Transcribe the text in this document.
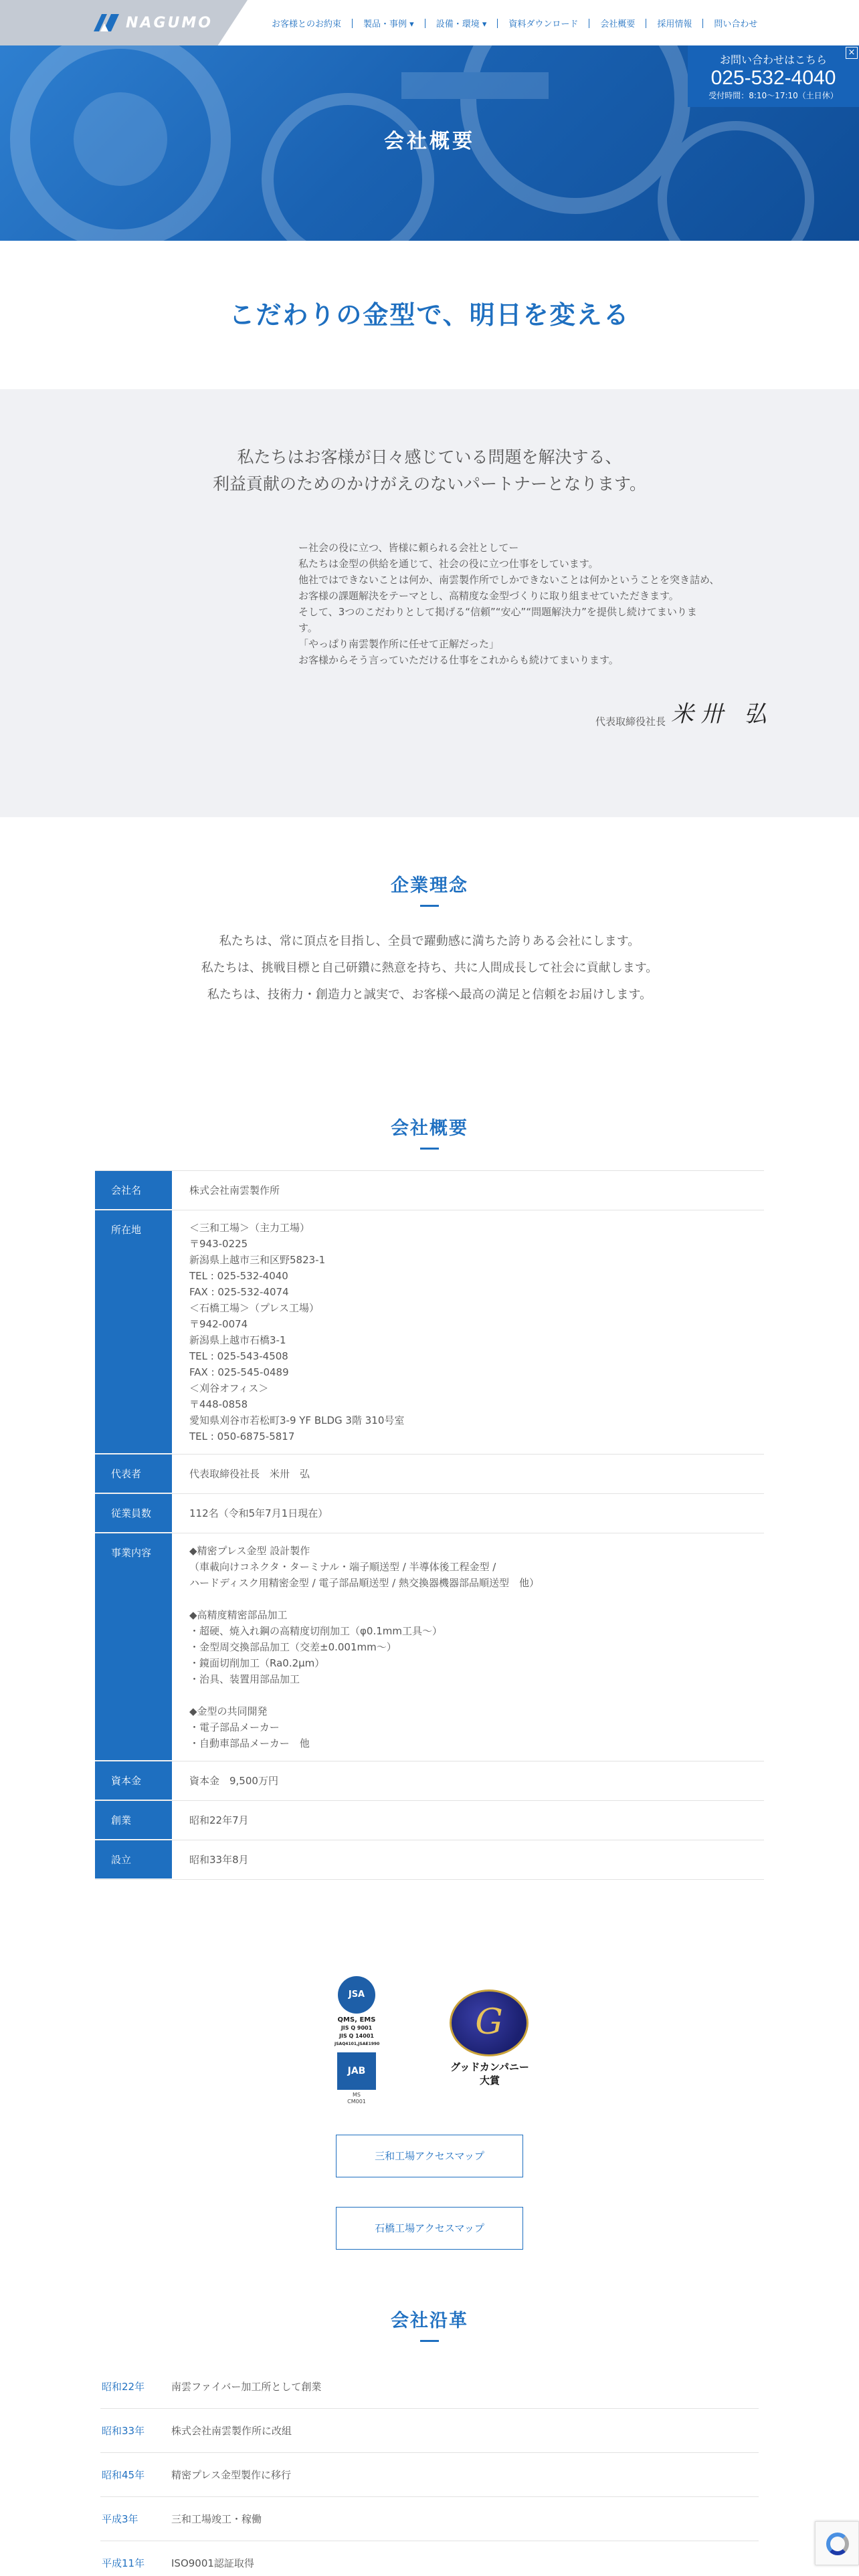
NAGUMO	お客様とのお約束	製品・事例 ▾	設備・環境 ▾	資料ダウンロード	会社概要	採用情報	問い合わせ
お問い合わせはこちら
025-532-4040
受付時間：8:10〜17:10（土日休）
×
会社概要
こだわりの金型で、明日を変える
私たちはお客様が日々感じている問題を解決する、
利益貢献のためのかけがえのないパートナーとなります。

ー社会の役に立つ、皆様に頼られる会社としてー

私たちは金型の供給を通じて、社会の役に立つ仕事をしています。

他社ではできないことは何か、南雲製作所でしかできないことは何かということを突き詰め、

お客様の課題解決をテーマとし、高精度な金型づくりに取り組ませていただきます。

そして、3つのこだわりとして掲げる“信頼”“安心”“問題解決力”を提供し続けてまいりま

す。

「やっぱり南雲製作所に任せて正解だった」

お客様からそう言っていただける仕事をこれからも続けてまいります。

代表取締役社長 米卅 弘
企業理念
私たちは、常に頂点を目指し、全員で躍動感に満ちた誇りある会社にします。
私たちは、挑戦目標と自己研鑽に熱意を持ち、共に人間成長して社会に貢献します。
私たちは、技術力・創造力と誠実で、お客様へ最高の満足と信頼をお届けします。
会社概要
会社名	株式会社南雲製作所
所在地	＜三和工場＞（主力工場）
〒943-0225
新潟県上越市三和区野5823-1
TEL : 025-532-4040
FAX : 025-532-4074
＜石橋工場＞（プレス工場）
〒942-0074
新潟県上越市石橋3-1
TEL : 025-543-4508
FAX : 025-545-0489
＜刈谷オフィス＞
〒448-0858
愛知県刈谷市若松町3-9 YF BLDG 3階 310号室
TEL : 050-6875-5817
代表者	代表取締役社長　米卅　弘
従業員数	112名（令和5年7月1日現在）
事業内容	◆精密プレス金型 設計製作
（車載向けコネクタ・ターミナル・端子順送型 / 半導体後工程金型 /
ハードディスク用精密金型 / 電子部品順送型 / 熱交換器機器部品順送型　他）

◆高精度精密部品加工
・超硬、焼入れ鋼の高精度切削加工（φ0.1mm工具〜）
・金型周交換部品加工（交差±0.001mm〜）
・鏡面切削加工（Ra0.2μm）
・治具、装置用部品加工

◆金型の共同開発
・電子部品メーカー
・自動車部品メーカー　他
資本金	資本金　9,500万円
創業	昭和22年7月
設立	昭和33年8月
JSA
QMS, EMS
JIS Q 9001
JIS Q 14001
JSAQ4101,JSAE1990
JAB
MS
CM001
G
グッドカンパニー
大賞
三和工場アクセスマップ
石橋工場アクセスマップ
会社沿革
昭和22年	南雲ファイバー加工所として創業
昭和33年	株式会社南雲製作所に改組
昭和45年	精密プレス金型製作に移行
平成3年	三和工場竣工・稼働
平成11年	ISO9001認証取得
